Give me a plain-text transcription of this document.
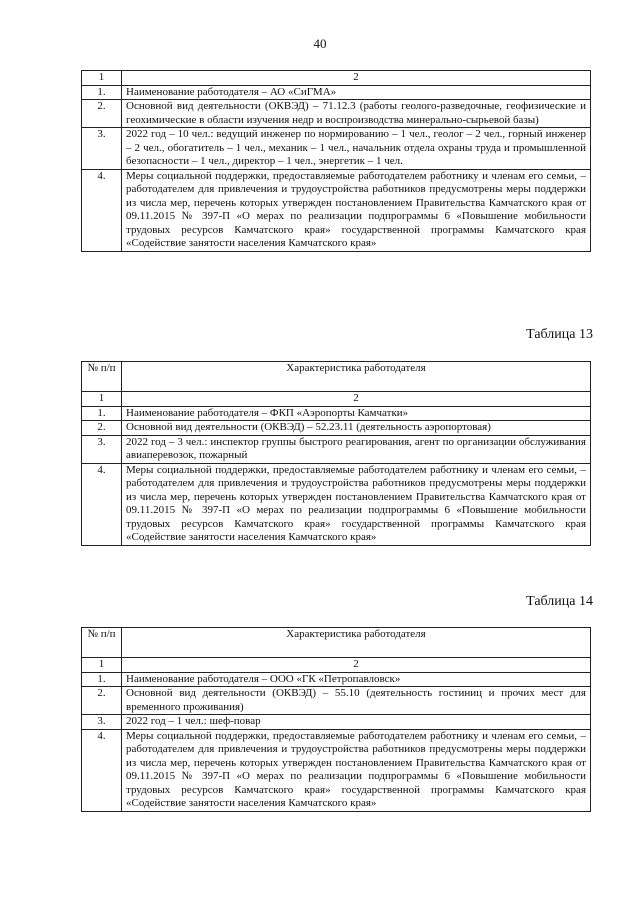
40
1	2
1.	Наименование работодателя – АО «СиГМА»
2.	Основной вид деятельности (ОКВЭД) – 71.12.3 (работы геолого-разведочные, геофизические и геохимические в области изучения недр и воспроизводства минерально-сырьевой базы)
3.	2022 год – 10 чел.: ведущий инженер по нормированию – 1 чел., геолог – 2 чел., горный инженер – 2 чел., обогатитель – 1 чел., механик – 1 чел., начальник отдела охраны труда и промышленной безопасности – 1 чел., директор – 1 чел., энергетик – 1 чел.
4.	Меры социальной поддержки, предоставляемые работодателем работнику и членам его семьи, – работодателем для привлечения и трудоустройства работников предусмотрены меры поддержки из числа мер, перечень которых утвержден постановлением Правительства Камчатского края от 09.11.2015 № 397-П «О мерах по реализации подпрограммы 6 «Повышение мобильности трудовых ресурсов Камчатского края» государственной программы Камчатского края «Содействие занятости населения Камчатского края»
Таблица 13
№ п/п	Характеристика работодателя
1	2
1.	Наименование работодателя – ФКП «Аэропорты Камчатки»
2.	Основной вид деятельности (ОКВЭД) – 52.23.11 (деятельность аэропортовая)
3.	2022 год – 3 чел.: инспектор группы быстрого реагирования, агент по организации обслуживания авиаперевозок, пожарный
4.	Меры социальной поддержки, предоставляемые работодателем работнику и членам его семьи, – работодателем для привлечения и трудоустройства работников предусмотрены меры поддержки из числа мер, перечень которых утвержден постановлением Правительства Камчатского края от 09.11.2015 № 397-П «О мерах по реализации подпрограммы 6 «Повышение мобильности трудовых ресурсов Камчатского края» государственной программы Камчатского края «Содействие занятости населения Камчатского края»
Таблица 14
№ п/п	Характеристика работодателя
1	2
1.	Наименование работодателя – ООО «ГК «Петропавловск»
2.	Основной вид деятельности (ОКВЭД) – 55.10 (деятельность гостиниц и прочих мест для временного проживания)
3.	2022 год – 1 чел.: шеф-повар
4.	Меры социальной поддержки, предоставляемые работодателем работнику и членам его семьи, – работодателем для привлечения и трудоустройства работников предусмотрены меры поддержки из числа мер, перечень которых утвержден постановлением Правительства Камчатского края от 09.11.2015 № 397-П «О мерах по реализации подпрограммы 6 «Повышение мобильности трудовых ресурсов Камчатского края» государственной программы Камчатского края «Содействие занятости населения Камчатского края»
